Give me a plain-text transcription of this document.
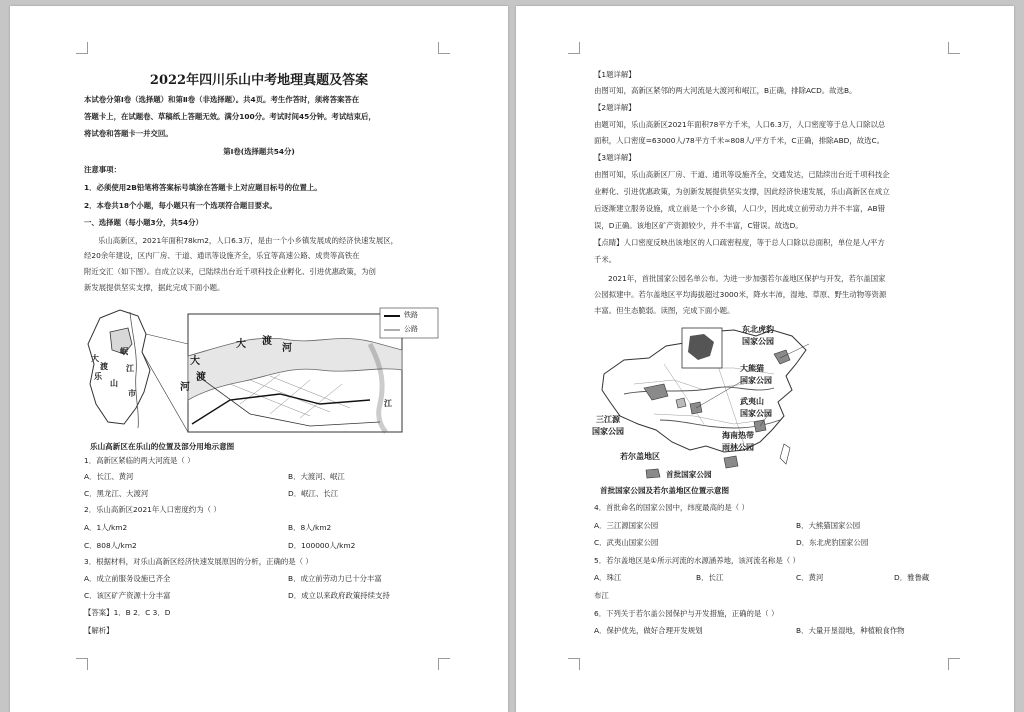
2022年四川乐山中考地理真题及答案
本试卷分第Ⅰ卷（选择题）和第Ⅱ卷（非选择题）。共4页。考生作答时，须将答案答在
答题卡上，在试题卷、草稿纸上答题无效。满分100分。考试时间45分钟。考试结束后，
将试卷和答题卡一并交回。
第Ⅰ卷(选择题共54分)
注意事项：
1．必须使用2B铅笔将答案标号填涂在答题卡上对应题目标号的位置上。
2．本卷共18个小题，每小题只有一个选项符合题目要求。
一、选择题（每小题3分，共54分）
乐山高新区，2021年面积78km2，人口6.3万，是由一个小乡镇发展成的经济快速发展区，
经20余年建设，区内厂房、干道、通讯等设施齐全，乐宜等高速公路、成贵等高铁在
附近交汇（如下图）。自成立以来，已陆续出台近千项科技企业孵化、引进优惠政策，为创
新发展提供坚实支撑，据此完成下面小题。
铁路
公路
大
渡
乐
山
市
岷
江
大 渡
河
大
渡
河
江
乐山高新区在乐山的位置及部分用地示意图
1．高新区紧临的两大河流是（ ）
A．长江、黄河	B．大渡河、岷江
C．黑龙江、大渡河	D．岷江、长江
2．乐山高新区2021年人口密度约为（ ）
A．1人/km2	B．8人/km2
C．808人/km2	D．100000人/km2
3．根据材料，对乐山高新区经济快速发展原因的分析，正确的是（ ）
A．成立前服务设施已齐全	B．成立前劳动力已十分丰富
C．该区矿产资源十分丰富	D．成立以来政府政策持续支持
【答案】1．B 2．C 3．D
【解析】
【1题详解】
由图可知，高新区紧邻的两大河流是大渡河和岷江，B正确，排除ACD。故选B。
【2题详解】
由题可知，乐山高新区2021年面积78平方千米，人口6.3万，人口密度等于总人口除以总
面积，人口密度=63000人/78平方千米≈808人/平方千米，C正确，排除ABD，故选C。
【3题详解】
由图可知，乐山高新区厂房、干道、通讯等设施齐全，交通发达，已陆续出台近千项科技企
业孵化、引进优惠政策，为创新发展提供坚实支撑，因此经济快速发展，乐山高新区在成立
后逐渐建立服务设施，成立前是一个小乡镇，人口少，因此成立前劳动力并不丰富，AB错
误，D正确。该地区矿产资源较少，并不丰富，C错误。故选D。
【点睛】人口密度反映出该地区的人口疏密程度，等于总人口除以总面积，单位是人/平方
千米。
2021年，首批国家公园名单公布。为进一步加强若尔盖地区保护与开发，若尔盖国家
公园拟建中。若尔盖地区平均海拔超过3000米，降水丰沛，湿地、草原、野生动物等资源
丰富。但生态脆弱。读图，完成下面小题。
东北虎豹
国家公园
大熊猫
国家公园
武夷山
国家公园
三江源
国家公园	海南热带
雨林公园
若尔盖地区
首批国家公园
首批国家公园及若尔盖地区位置示意图
4．首批命名的国家公园中，纬度最高的是（ ）
A．三江源国家公园	B．大熊猫国家公园
C．武夷山国家公园	D．东北虎豹国家公园
5．若尔盖地区是①所示河流的水源涵养地，该河流名称是（ ）
A．珠江	B．长江	C．黄河	D．雅鲁藏
布江
6．下列关于若尔盖公园保护与开发措施，正确的是（ ）
A．保护优先，做好合理开发规划	B．大量开垦湿地，种植粮食作物
